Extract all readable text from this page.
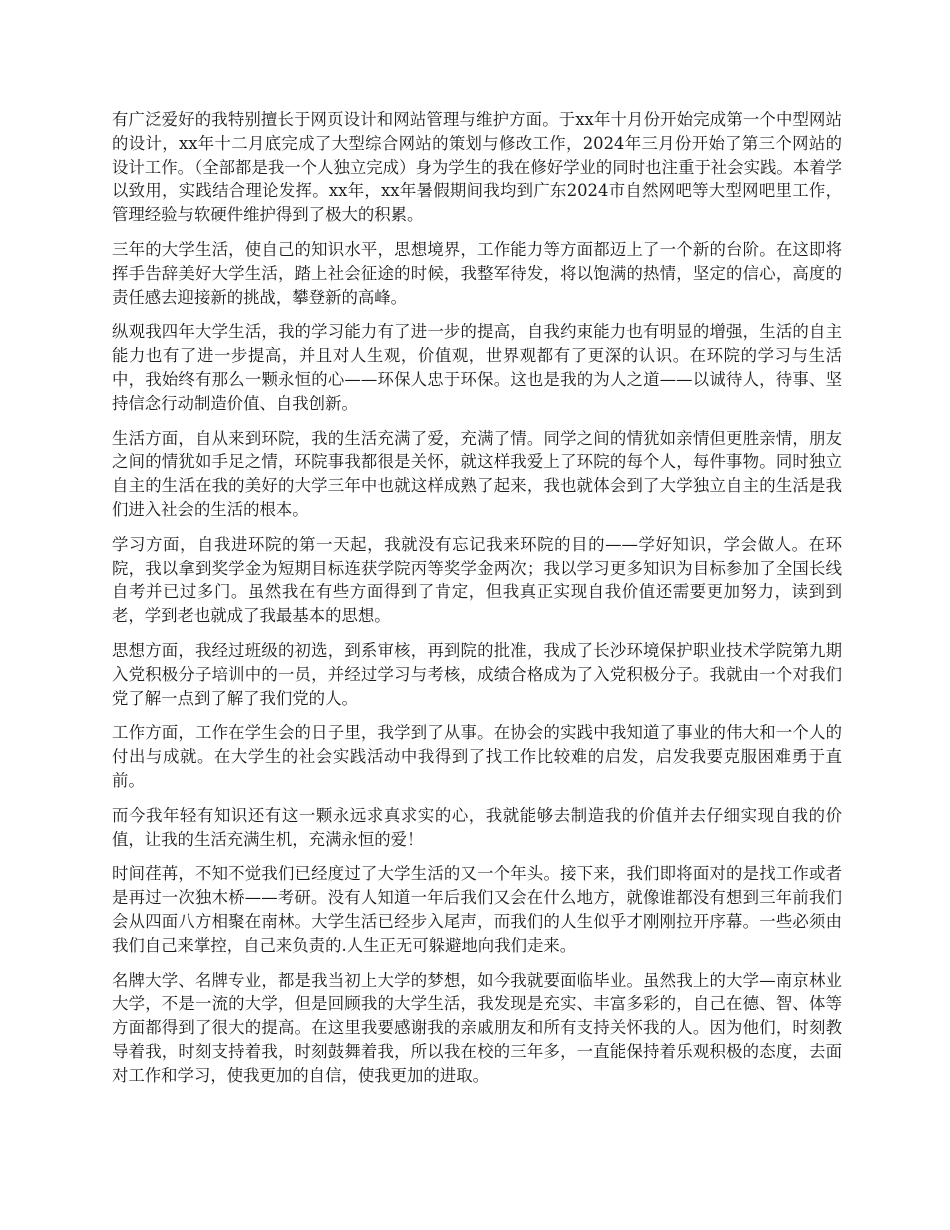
有广泛爱好的我特别擅长于网页设计和网站管理与维护方面。于xx年十月份开始完成第一个中型网站的设计，xx年十二月底完成了大型综合网站的策划与修改工作，2024年三月份开始了第三个网站的设计工作。（全部都是我一个人独立完成）身为学生的我在修好学业的同时也注重于社会实践。本着学以致用，实践结合理论发挥。xx年，xx年暑假期间我均到广东2024市自然网吧等大型网吧里工作，管理经验与软硬件维护得到了极大的积累。

三年的大学生活，使自己的知识水平，思想境界，工作能力等方面都迈上了一个新的台阶。在这即将挥手告辞美好大学生活，踏上社会征途的时候，我整军待发，将以饱满的热情，坚定的信心，高度的责任感去迎接新的挑战，攀登新的高峰。

纵观我四年大学生活，我的学习能力有了进一步的提高，自我约束能力也有明显的增强，生活的自主能力也有了进一步提高，并且对人生观，价值观，世界观都有了更深的认识。在环院的学习与生活中，我始终有那么一颗永恒的心——环保人忠于环保。这也是我的为人之道——以诚待人，待事、坚持信念行动制造价值、自我创新。

生活方面，自从来到环院，我的生活充满了爱，充满了情。同学之间的情犹如亲情但更胜亲情，朋友之间的情犹如手足之情，环院事我都很是关怀，就这样我爱上了环院的每个人，每件事物。同时独立自主的生活在我的美好的大学三年中也就这样成熟了起来，我也就体会到了大学独立自主的生活是我们进入社会的生活的根本。

学习方面，自我进环院的第一天起，我就没有忘记我来环院的目的——学好知识，学会做人。在环院，我以拿到奖学金为短期目标连获学院丙等奖学金两次；我以学习更多知识为目标参加了全国长线自考并已过多门。虽然我在有些方面得到了肯定，但我真正实现自我价值还需要更加努力，读到到老，学到老也就成了我最基本的思想。

思想方面，我经过班级的初选，到系审核，再到院的批准，我成了长沙环境保护职业技术学院第九期入党积极分子培训中的一员，并经过学习与考核，成绩合格成为了入党积极分子。我就由一个对我们党了解一点到了解了我们党的人。

工作方面，工作在学生会的日子里，我学到了从事。在协会的实践中我知道了事业的伟大和一个人的付出与成就。在大学生的社会实践活动中我得到了找工作比较难的启发，启发我要克服困难勇于直前。

而今我年轻有知识还有这一颗永远求真求实的心，我就能够去制造我的价值并去仔细实现自我的价值，让我的生活充满生机，充满永恒的爱！

时间荏苒，不知不觉我们已经度过了大学生活的又一个年头。接下来，我们即将面对的是找工作或者是再过一次独木桥——考研。没有人知道一年后我们又会在什么地方，就像谁都没有想到三年前我们会从四面八方相聚在南林。大学生活已经步入尾声，而我们的人生似乎才刚刚拉开序幕。一些必须由我们自己来掌控，自己来负责的.人生正无可躲避地向我们走来。

名牌大学、名牌专业，都是我当初上大学的梦想，如今我就要面临毕业。虽然我上的大学—南京林业大学，不是一流的大学，但是回顾我的大学生活，我发现是充实、丰富多彩的，自己在德、智、体等方面都得到了很大的提高。在这里我要感谢我的亲戚朋友和所有支持关怀我的人。因为他们，时刻教导着我，时刻支持着我，时刻鼓舞着我，所以我在校的三年多，一直能保持着乐观积极的态度，去面对工作和学习，使我更加的自信，使我更加的进取。
